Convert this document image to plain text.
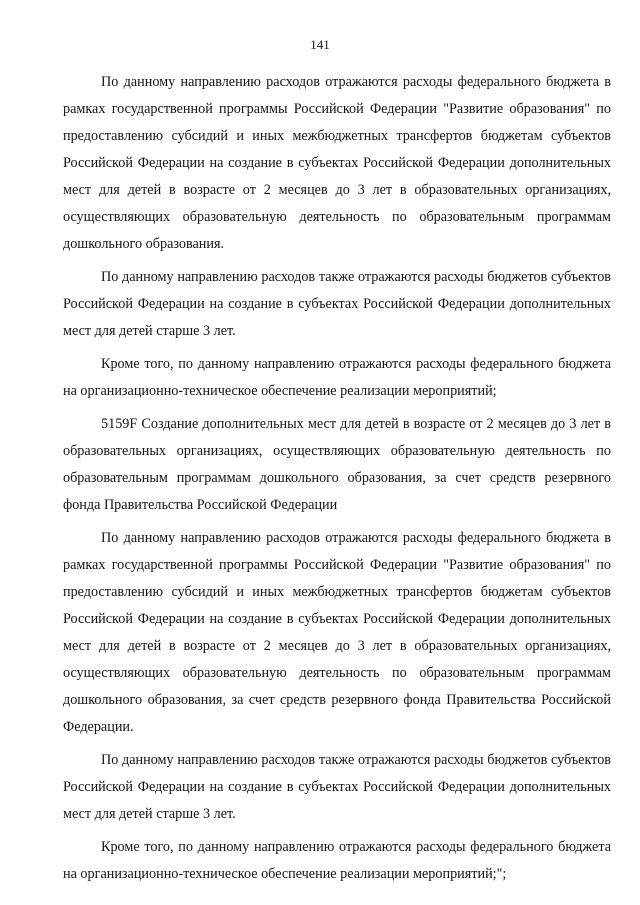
141

По данному направлению расходов отражаются расходы федерального бюджета в рамках государственной программы Российской Федерации "Развитие образования" по предоставлению субсидий и иных межбюджетных трансфертов бюджетам субъектов Российской Федерации на создание в субъектах Российской Федерации дополнительных мест для детей в возрасте от 2 месяцев до 3 лет в образовательных организациях, осуществляющих образовательную деятельность по образовательным программам дошкольного образования.

По данному направлению расходов также отражаются расходы бюджетов субъектов Российской Федерации на создание в субъектах Российской Федерации дополнительных мест для детей старше 3 лет.

Кроме того, по данному направлению отражаются расходы федерального бюджета на организационно-техническое обеспечение реализации мероприятий;

5159F Создание дополнительных мест для детей в возрасте от 2 месяцев до 3 лет в образовательных организациях, осуществляющих образовательную деятельность по образовательным программам дошкольного образования, за счет средств резервного фонда Правительства Российской Федерации

По данному направлению расходов отражаются расходы федерального бюджета в рамках государственной программы Российской Федерации "Развитие образования" по предоставлению субсидий и иных межбюджетных трансфертов бюджетам субъектов Российской Федерации на создание в субъектах Российской Федерации дополнительных мест для детей в возрасте от 2 месяцев до 3 лет в образовательных организациях, осуществляющих образовательную деятельность по образовательным программам дошкольного образования, за счет средств резервного фонда Правительства Российской Федерации.

По данному направлению расходов также отражаются расходы бюджетов субъектов Российской Федерации на создание в субъектах Российской Федерации дополнительных мест для детей старше 3 лет.

Кроме того, по данному направлению отражаются расходы федерального бюджета на организационно-техническое обеспечение реализации мероприятий;";
